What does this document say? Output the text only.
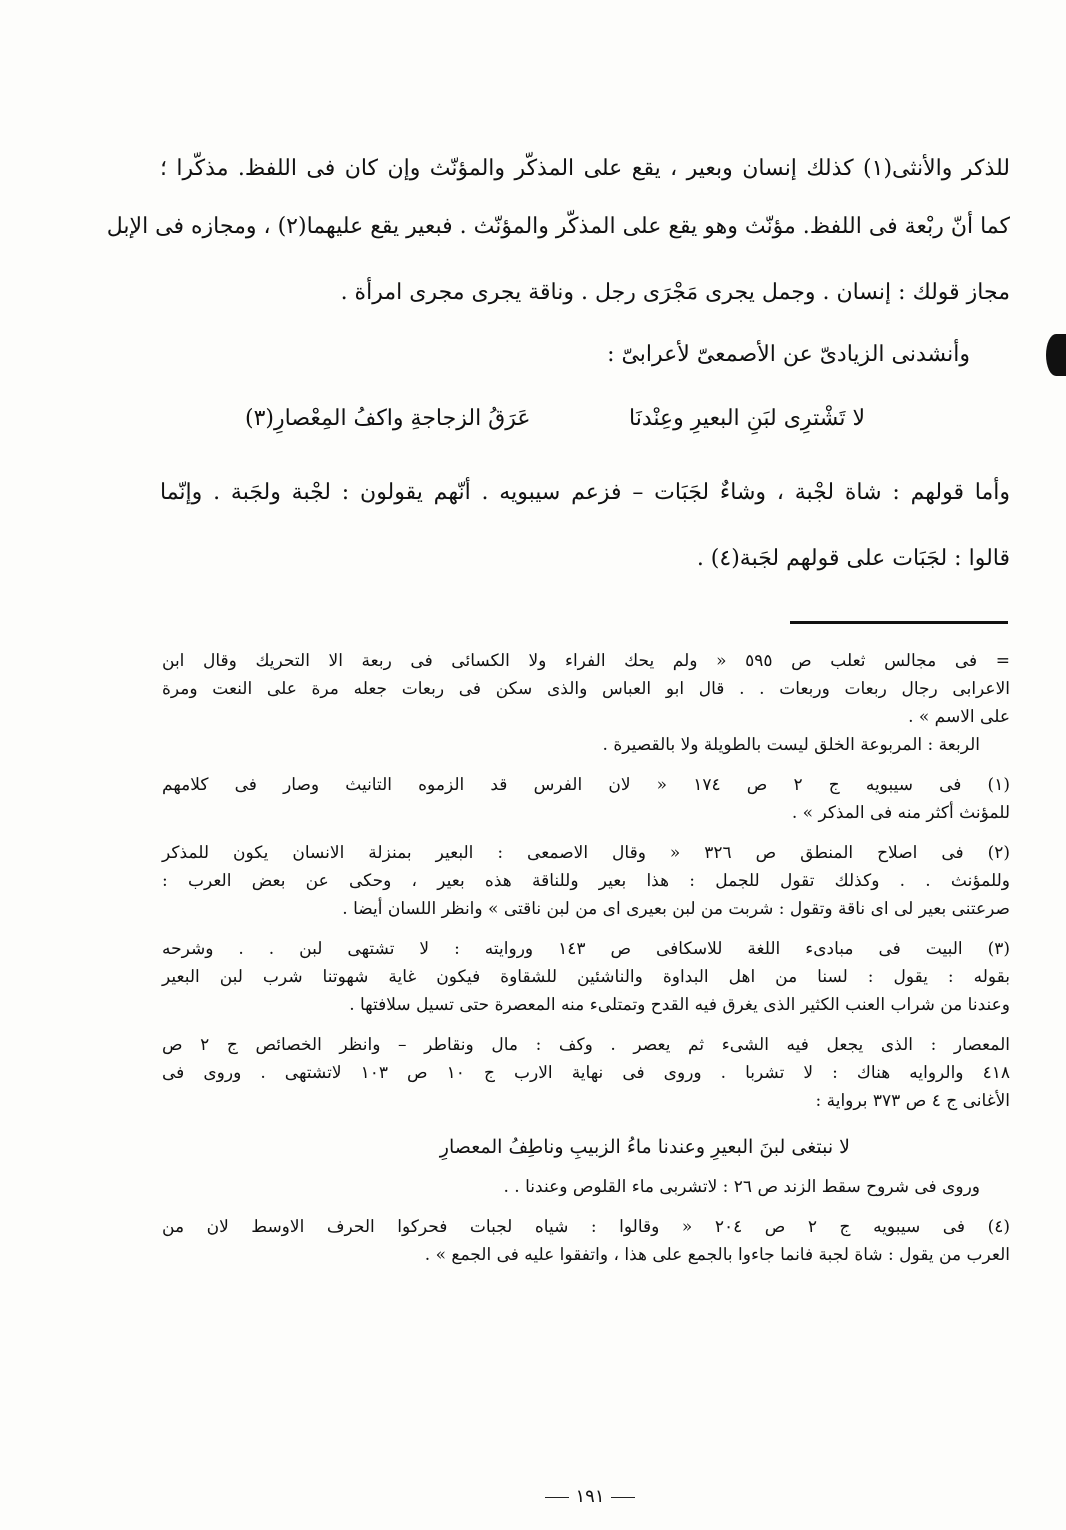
للذكر والأنثى(١) كذلك إنسان وبعير ، يقع على المذكّر والمؤنّث وإن كان فى اللفظ. مذكّرا ؛
كما أنّ ربْعة فى اللفظ. مؤنّث وهو يقع على المذكّر والمؤنّث . فبعير يقع عليهما(٢) ، ومجازه فى الإبل
مجاز قولك : إنسان . وجمل يجرى مَجْرَى رجل . وناقة يجرى مجرى امرأة .
وأنشدنى الزيادىّ عن الأصمعىّ لأعرابىّ :
لا تَشْترِى لبَنِ البعيرِ وعِنْدنَا
عَرَقُ الزجاجةِ واكفُ المِعْصارِ(٣)
وأما قولهم : شاة لجْبة ، وشاءٌ لجَبَات – فزعم سيبويه . أنّهم يقولون : لجْبة ولجَبة . وإنّما
قالوا : لجَبَات على قولهم لجَبة(٤) .
= فى مجالس ثعلب ص ٥٩٥ « ولم يحك الفراء ولا الكسائى فى ربعة الا التحريك وقال ابن
الاعرابى رجال ربعات وربعات . . قال ابو العباس والذى سكن فى ربعات جعله مرة على النعت ومرة
على الاسم » .
الربعة : المربوعة الخلق ليست بالطويلة ولا بالقصيرة .
(١) فى سيبويه ج ٢ ص ١٧٤ « لان الفرس قد الزموه التانيث وصار فى كلامهم
للمؤنث أكثر منه فى المذكر » .
(٢) فى اصلاح المنطق ص ٣٢٦ « وقال الاصمعى : البعير بمنزلة الانسان يكون للمذكر
وللمؤنث . . وكذلك تقول للجمل : هذا بعير وللناقة هذه بعير ، وحكى عن بعض العرب :
صرعتنى بعير لى اى ناقة وتقول : شربت من لبن بعيرى اى من لبن ناقتى » وانظر اللسان أيضا .
(٣) البيت فى مبادىء اللغة للاسكافى ص ١٤٣ وروايته : لا تشتهى لبن . . وشرحه
بقوله : يقول : لسنا من اهل البداوة والناشئين للشقاوة فيكون غاية شهوتنا شرب لبن البعير
وعندنا من شراب العنب الكثير الذى يغرق فيه القدح وتمتلىء منه المعصرة حتى تسيل سلافتها .
المعصار : الذى يجعل فيه الشىء ثم يعصر . وكف : مال ونقاطر – وانظر الخصائص ج ٢ ص
٤١٨ والروايه هناك : لا تشربا . وروى فى نهاية الارب ج ١٠ ص ١٠٣ لاتشتهى . وروى فى
الأغانى ج ٤ ص ٣٧٣ برواية :
لا نبتغى لبنَ البعيرِ وعندنا ماءُ الزبيبِ وناطِفُ المعصارِ
وروى فى شروح سقط الزند ص ٢٦ : لاتشربى ماء القلوص وعندنا . .
(٤) فى سيبويه ج ٢ ص ٢٠٤ « وقالوا : شياه لجبات فحركوا الحرف الاوسط لان من
العرب من يقول : شاة لجبة فانما جاءوا بالجمع على هذا ، واتفقوا عليه فى الجمع » .
١٩١
